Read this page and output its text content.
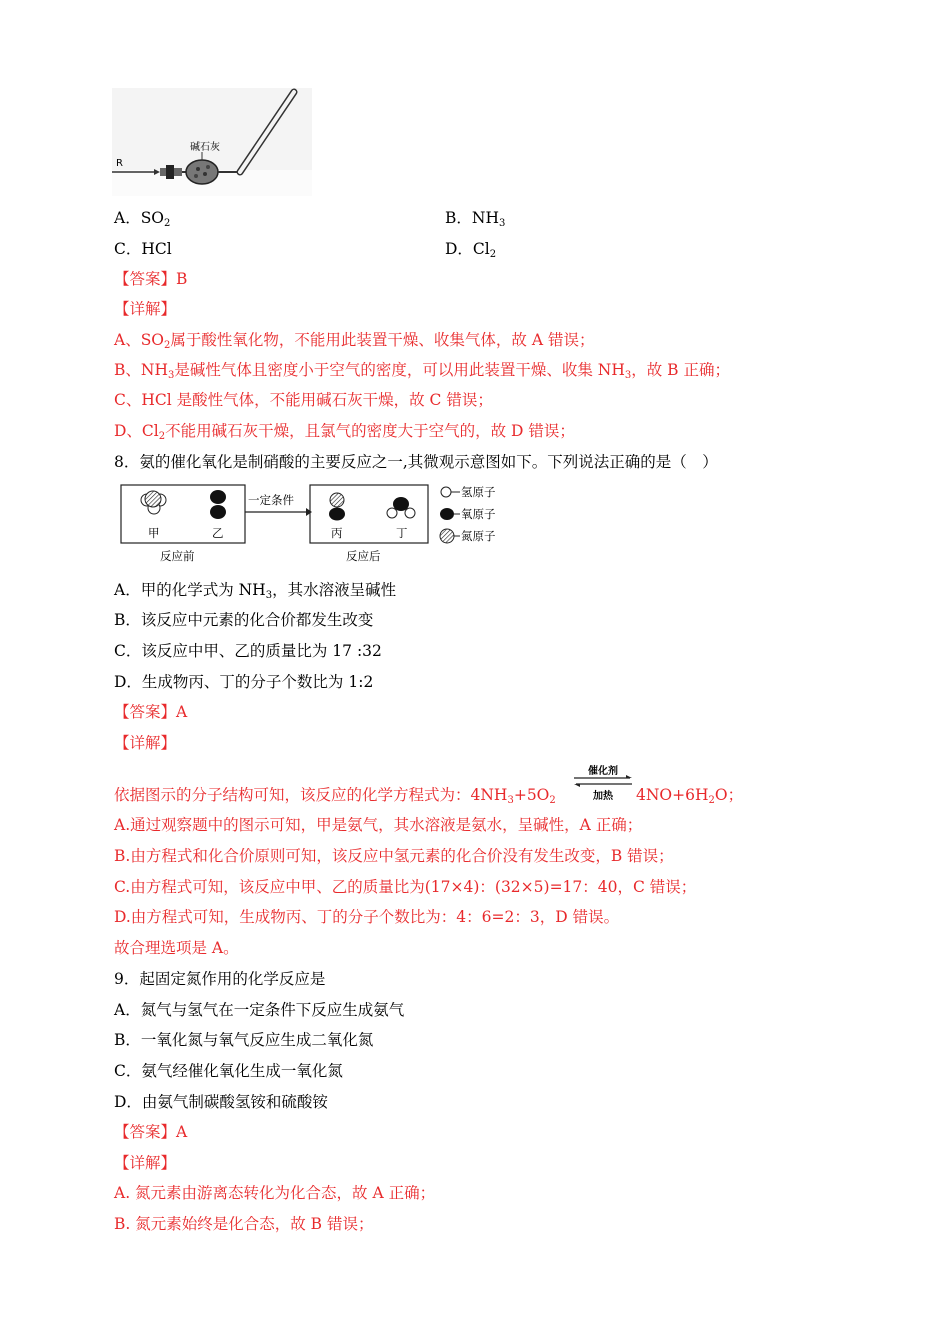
R
碱石灰
A．$SO_2$	B．$NH_3$
C．HCl	D．$Cl_2$
【答案】B
【详解】
A、$SO_2$属于酸性氧化物，不能用此装置干燥、收集气体，故 A 错误；
B、$NH_3$是碱性气体且密度小于空气的密度，可以用此装置干燥、收集 $NH_3$，故 B 正确；
C、HCl 是酸性气体，不能用碱石灰干燥，故 C 错误；
D、$Cl_2$不能用碱石灰干燥，且氯气的密度大于空气的，故 D 错误；
8．氨的催化氧化是制硝酸的主要反应之一,其微观示意图如下。下列说法正确的是（　）
甲	乙
反应前
一定条件
丙	丁
反应后
氢原子
氧原子
氮原子
A．甲的化学式为 $NH_3$，其水溶液呈碱性
B．该反应中元素的化合价都发生改变
C．该反应中甲、乙的质量比为 17 :32
D．生成物丙、丁的分子个数比为 1:2
【答案】A
【详解】
依据图示的分子结构可知，该反应的化学方程式为：$4NH_3+5O_2$
催化剂
加热	$4NO+6H_2O$；
A.通过观察题中的图示可知，甲是氨气，其水溶液是氨水，呈碱性，A 正确；
B.由方程式和化合价原则可知，该反应中氢元素的化合价没有发生改变，B 错误；
C.由方程式可知，该反应中甲、乙的质量比为(17×4)：(32×5)=17：40，C 错误；
D.由方程式可知，生成物丙、丁的分子个数比为：4：6=2：3，D 错误。
故合理选项是 A。
9．起固定氮作用的化学反应是
A．氮气与氢气在一定条件下反应生成氨气
B．一氧化氮与氧气反应生成二氧化氮
C．氨气经催化氧化生成一氧化氮
D．由氨气制碳酸氢铵和硫酸铵
【答案】A
【详解】
A. 氮元素由游离态转化为化合态，故 A 正确；
B. 氮元素始终是化合态，故 B 错误；
